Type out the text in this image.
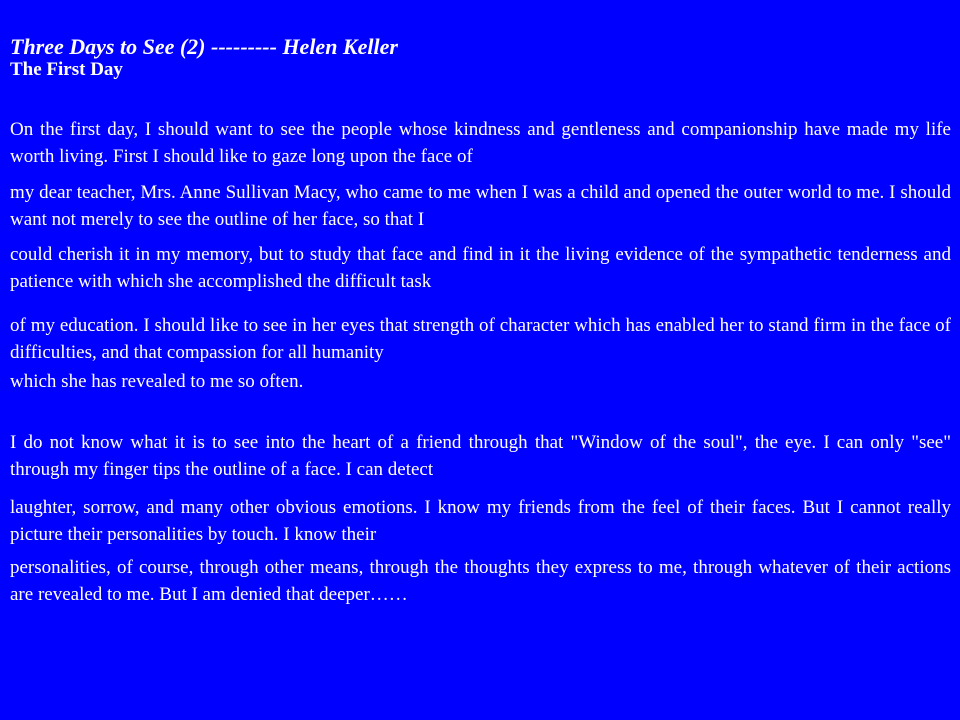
Three Days to See (2) --------- Helen Keller
The First Day

On the first day, I should want to see the people whose kindness and gentleness and companionship have made my life worth living. First I should like to gaze long upon the face of

my dear teacher, Mrs. Anne Sullivan Macy, who came to me when I was a child and opened the outer world to me. I should want not merely to see the outline of her face, so that I

could cherish it in my memory, but to study that face and find in it the living evidence of the sympathetic tenderness and patience with which she accomplished the difficult task

of my education. I should like to see in her eyes that strength of character which has enabled her to stand firm in the face of difficulties, and that compassion for all humanity

which she has revealed to me so often.

I do not know what it is to see into the heart of a friend through that "Window of the soul", the eye. I can only "see" through my finger tips the outline of a face. I can detect

laughter, sorrow, and many other obvious emotions. I know my friends from the feel of their faces. But I cannot really picture their personalities by touch. I know their

personalities, of course, through other means, through the thoughts they express to me, through whatever of their actions are revealed to me. But I am denied that deeper……
